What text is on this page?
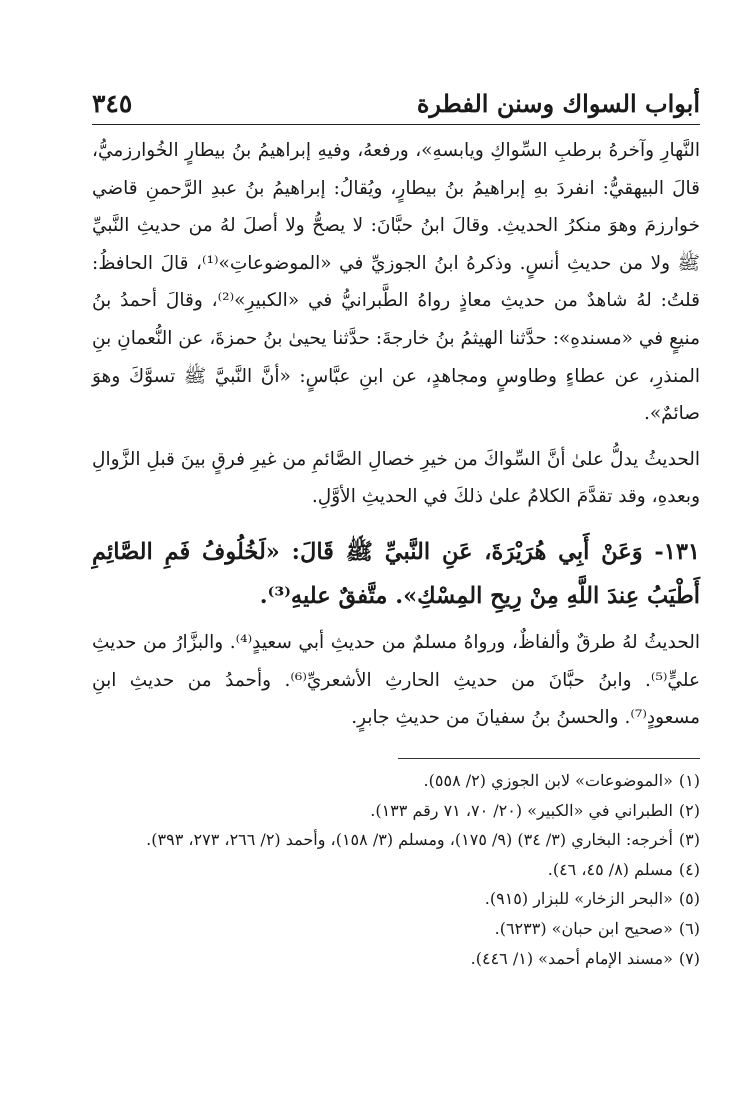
أبواب السواك وسنن الفطرة
٣٤٥

النَّهارِ وآخرهُ برطبِ السِّواكِ ويابسهِ»، ورفعهُ، وفيهِ إبراهيمُ بنُ بيطارٍ الخُوارزميُّ، قالَ البيهقيُّ: انفردَ بهِ إبراهيمُ بنُ بيطارٍ، ويُقالُ: إبراهيمُ بنُ عبدِ الرَّحمنِ قاضي خوارزمَ وهوَ منكرُ الحديثِ. وقالَ ابنُ حبَّانَ: لا يصحُّ ولا أصلَ لهُ من حديثِ النَّبيِّ ﷺ ولا من حديثِ أنسٍ. وذكرهُ ابنُ الجوزيِّ في «الموضوعاتِ»⁽¹⁾، قالَ الحافظُ: قلتُ: لهُ شاهدٌ من حديثِ معاذٍ رواهُ الطَّبرانيُّ في «الكبيرِ»⁽²⁾، وقالَ أحمدُ بنُ منيعٍ في «مسندهِ»: حدَّثنا الهيثمُ بنُ خارجةَ: حدَّثنا يحيىٰ بنُ حمزةَ، عن النُّعمانِ بنِ المنذرِ، عن عطاءٍ وطاوسٍ ومجاهدٍ، عن ابنِ عبَّاسٍ: «أنَّ النَّبيَّ ﷺ تسوَّكَ وهوَ صائمٌ».

الحديثُ يدلُّ علىٰ أنَّ السِّواكَ من خيرِ خصالِ الصَّائمِ من غيرِ فرقٍ بينَ قبلِ الزَّوالِ وبعدهِ، وقد تقدَّمَ الكلامُ علىٰ ذلكَ في الحديثِ الأوَّلِ.

١٣١- وَعَنْ أَبِي هُرَيْرَةَ، عَنِ النَّبيِّ ﷺ قَالَ: «لَخُلُوفُ فَمِ الصَّائِمِ أَطْيَبُ عِندَ اللَّهِ مِنْ رِيحِ المِسْكِ». متَّفقٌ عليهِ⁽³⁾.

الحديثُ لهُ طرقٌ وألفاظٌ، ورواهُ مسلمٌ من حديثِ أبي سعيدٍ⁽⁴⁾. والبزَّارُ من حديثِ عليٍّ⁽⁵⁾. وابنُ حبَّانَ من حديثِ الحارثِ الأشعريِّ⁽⁶⁾. وأحمدُ من حديثِ ابنِ مسعودٍ⁽⁷⁾. والحسنُ بنُ سفيانَ من حديثِ جابرٍ.

(١)«الموضوعات» لابن الجوزي (٢/ ٥٥٨).

(٢)الطبراني في «الكبير» (٢٠/ ٧٠، ٧١ رقم ١٣٣).

(٣)أخرجه: البخاري (٣/ ٣٤) (٩/ ١٧٥)، ومسلم (٣/ ١٥٨)، وأحمد (٢/ ٢٦٦، ٢٧٣، ٣٩٣).

(٤)مسلم (٨/ ٤٥، ٤٦).

(٥)«البحر الزخار» للبزار (٩١٥).

(٦)«صحيح ابن حبان» (٦٢٣٣).

(٧)«مسند الإمام أحمد» (١/ ٤٤٦).
